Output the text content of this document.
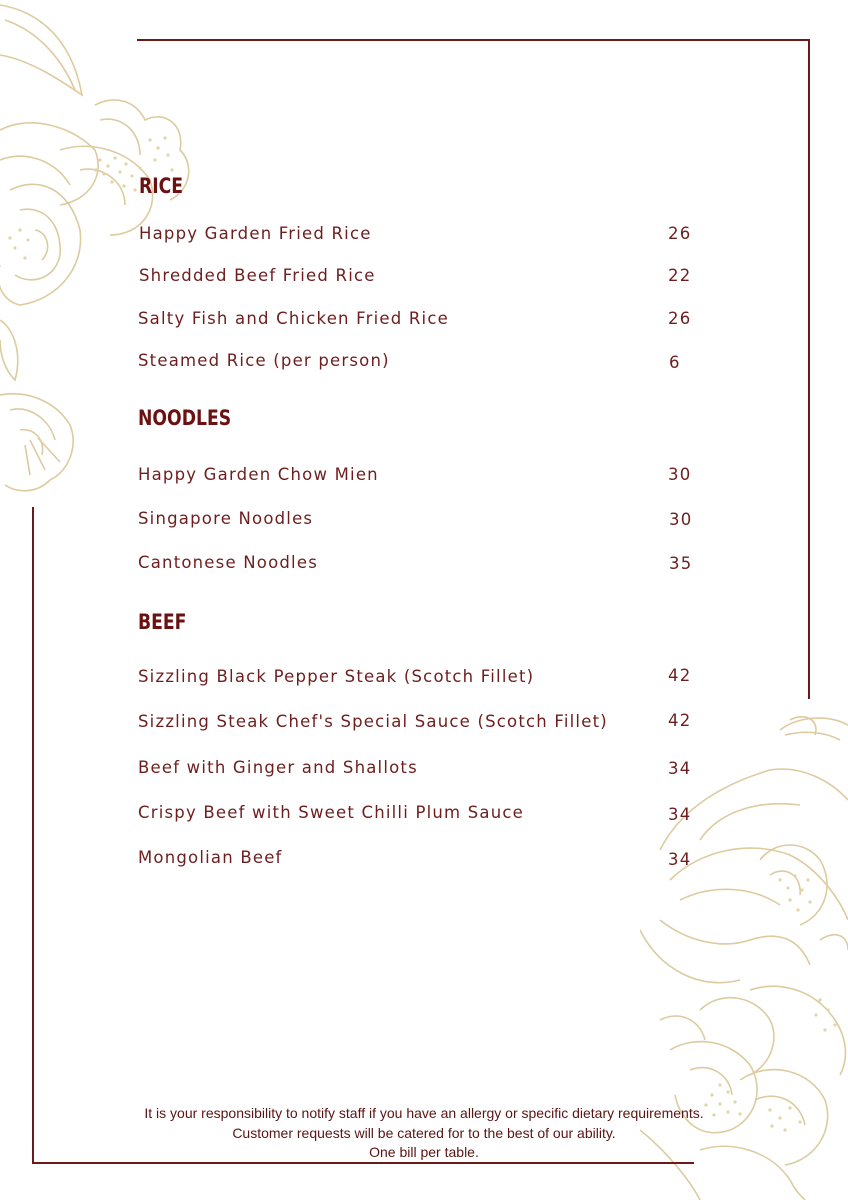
RICE
Happy Garden Fried Rice	26
Shredded Beef Fried Rice	22
Salty Fish and Chicken Fried Rice	26
Steamed Rice (per person)	6
NOODLES
Happy Garden Chow Mien	30
Singapore Noodles	30
Cantonese Noodles	35
BEEF
Sizzling Black Pepper Steak (Scotch Fillet)	42
Sizzling Steak Chef's Special Sauce (Scotch Fillet)	42
Beef with Ginger and Shallots	34
Crispy Beef with Sweet Chilli Plum Sauce	34
Mongolian Beef	34
It is your responsibility to notify staff if you have an allergy or specific dietary requirements.
Customer requests will be catered for to the best of our ability.
One bill per table.
